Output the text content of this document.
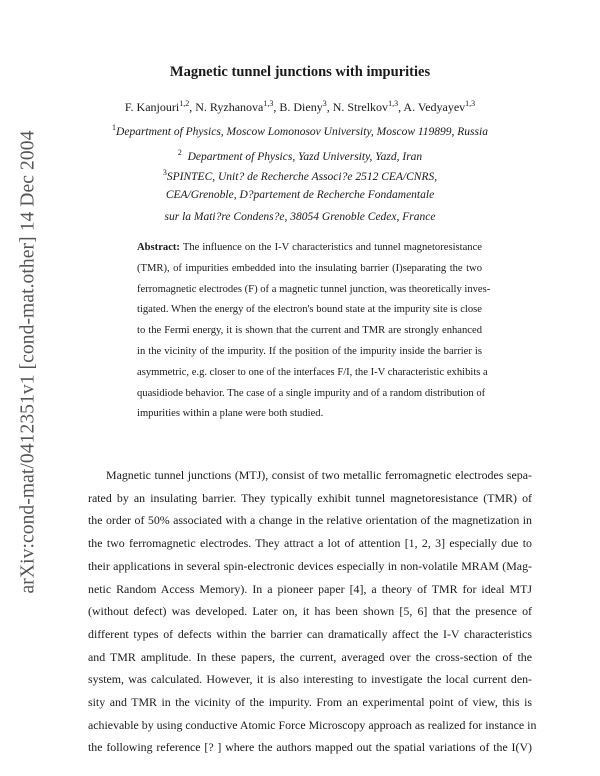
arXiv:cond-mat/0412351v1 [cond-mat.other] 14 Dec 2004
Magnetic tunnel junctions with impurities
F. Kanjouri$^{1,2}$, N. Ryzhanova$^{1,3}$, B. Dieny$^3$, N. Strelkov$^{1,3}$, A. Vedyayev$^{1,3}$
$^1$Department of Physics, Moscow Lomonosov University, Moscow 119899, Russia
$^2$ Department of Physics, Yazd University, Yazd, Iran
$^3$SPINTEC, Unit? de Recherche Associ?e 2512 CEA/CNRS,
CEA/Grenoble, D?partement de Recherche Fondamentale
sur la Mati?re Condens?e, 38054 Grenoble Cedex, France
Abstract: The influence on the I-V characteristics and tunnel magnetoresistance
(TMR), of impurities embedded into the insulating barrier (I)separating the two
ferromagnetic electrodes (F) of a magnetic tunnel junction, was theoretically inves-
tigated. When the energy of the electron's bound state at the impurity site is close
to the Fermi energy, it is shown that the current and TMR are strongly enhanced
in the vicinity of the impurity. If the position of the impurity inside the barrier is
asymmetric, e.g. closer to one of the interfaces F/I, the I-V characteristic exhibits a
quasidiode behavior. The case of a single impurity and of a random distribution of
impurities within a plane were both studied.
Magnetic tunnel junctions (MTJ), consist of two metallic ferromagnetic electrodes sepa-
rated by an insulating barrier. They typically exhibit tunnel magnetoresistance (TMR) of
the order of 50% associated with a change in the relative orientation of the magnetization in
the two ferromagnetic electrodes. They attract a lot of attention [1, 2, 3] especially due to
their applications in several spin-electronic devices especially in non-volatile MRAM (Mag-
netic Random Access Memory). In a pioneer paper [4], a theory of TMR for ideal MTJ
(without defect) was developed. Later on, it has been shown [5, 6] that the presence of
different types of defects within the barrier can dramatically affect the I-V characteristics
and TMR amplitude. In these papers, the current, averaged over the cross-section of the
system, was calculated. However, it is also interesting to investigate the local current den-
sity and TMR in the vicinity of the impurity. From an experimental point of view, this is
achievable by using conductive Atomic Force Microscopy approach as realized for instance in
the following reference [? ] where the authors mapped out the spatial variations of the I(V)
